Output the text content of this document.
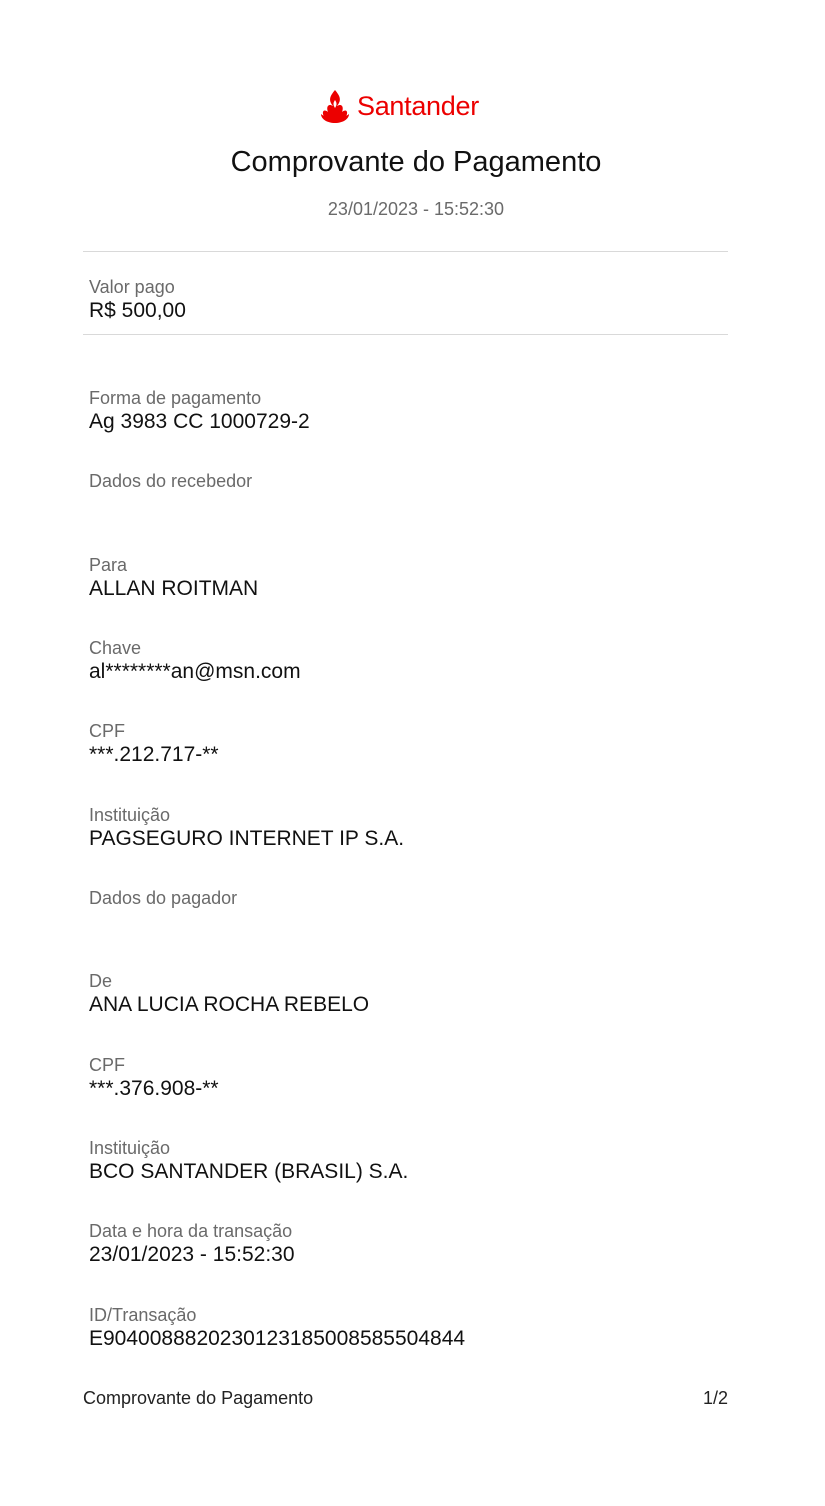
Santander
Comprovante do Pagamento
23/01/2023 - 15:52:30
Valor pago
R$ 500,00
Forma de pagamento
Ag 3983 CC 1000729-2
Dados do recebedor
Para
ALLAN ROITMAN
Chave
al********an@msn.com
CPF
***.212.717-**
Instituição
PAGSEGURO INTERNET IP S.A.
Dados do pagador
De
ANA LUCIA ROCHA REBELO
CPF
***.376.908-**
Instituição
BCO SANTANDER (BRASIL) S.A.
Data e hora da transação
23/01/2023 - 15:52:30
ID/Transação
E9040088820230123185008585504844
Comprovante do Pagamento	1/2
